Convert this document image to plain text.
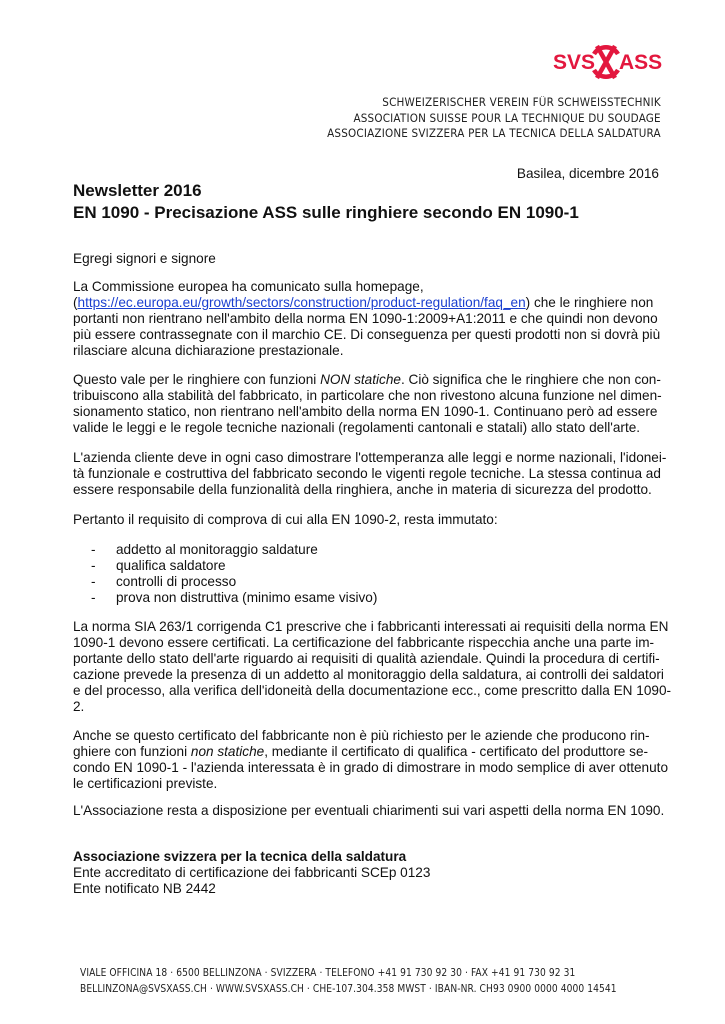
SVS ASS
SCHWEIZERISCHER VEREIN FÜR SCHWEISSTECHNIK
ASSOCIATION SUISSE POUR LA TECHNIQUE DU SOUDAGE
ASSOCIAZIONE SVIZZERA PER LA TECNICA DELLA SALDATURA
Basilea, dicembre 2016
Newsletter 2016
EN 1090 - Precisazione ASS sulle ringhiere secondo EN 1090-1
Egregi signori e signore
La Commissione europea ha comunicato sulla homepage,
(https://ec.europa.eu/growth/sectors/construction/product-regulation/faq_en) che le ringhiere non
portanti non rientrano nell'ambito della norma EN 1090-1:2009+A1:2011 e che quindi non devono
più essere contrassegnate con il marchio CE. Di conseguenza per questi prodotti non si dovrà più
rilasciare alcuna dichiarazione prestazionale.
Questo vale per le ringhiere con funzioni NON statiche. Ciò significa che le ringhiere che non con-
tribuiscono alla stabilità del fabbricato, in particolare che non rivestono alcuna funzione nel dimen-
sionamento statico, non rientrano nell'ambito della norma EN 1090-1. Continuano però ad essere
valide le leggi e le regole tecniche nazionali (regolamenti cantonali e statali) allo stato dell'arte.
L'azienda cliente deve in ogni caso dimostrare l'ottemperanza alle leggi e norme nazionali, l'idonei-
tà funzionale e costruttiva del fabbricato secondo le vigenti regole tecniche. La stessa continua ad
essere responsabile della funzionalità della ringhiera, anche in materia di sicurezza del prodotto.
Pertanto il requisito di comprova di cui alla EN 1090-2, resta immutato:
-	addetto al monitoraggio saldature
-	qualifica saldatore
-	controlli di processo
-	prova non distruttiva (minimo esame visivo)
La norma SIA 263/1 corrigenda C1 prescrive che i fabbricanti interessati ai requisiti della norma EN
1090-1 devono essere certificati. La certificazione del fabbricante rispecchia anche una parte im-
portante dello stato dell'arte riguardo ai requisiti di qualità aziendale. Quindi la procedura di certifi-
cazione prevede la presenza di un addetto al monitoraggio della saldatura, ai controlli dei saldatori
e del processo, alla verifica dell'idoneità della documentazione ecc., come prescritto dalla EN 1090-
2.
Anche se questo certificato del fabbricante non è più richiesto per le aziende che producono rin-
ghiere con funzioni non statiche, mediante il certificato di qualifica - certificato del produttore se-
condo EN 1090-1 - l'azienda interessata è in grado di dimostrare in modo semplice di aver ottenuto
le certificazioni previste.
L'Associazione resta a disposizione per eventuali chiarimenti sui vari aspetti della norma EN 1090.
Associazione svizzera per la tecnica della saldatura
Ente accreditato di certificazione dei fabbricanti SCEp 0123
Ente notificato NB 2442
VIALE OFFICINA 18 · 6500 BELLINZONA · SVIZZERA · TELEFONO +41 91 730 92 30 · FAX +41 91 730 92 31
BELLINZONA@SVSXASS.CH · WWW.SVSXASS.CH · CHE-107.304.358 MWST · IBAN-NR. CH93 0900 0000 4000 14541
